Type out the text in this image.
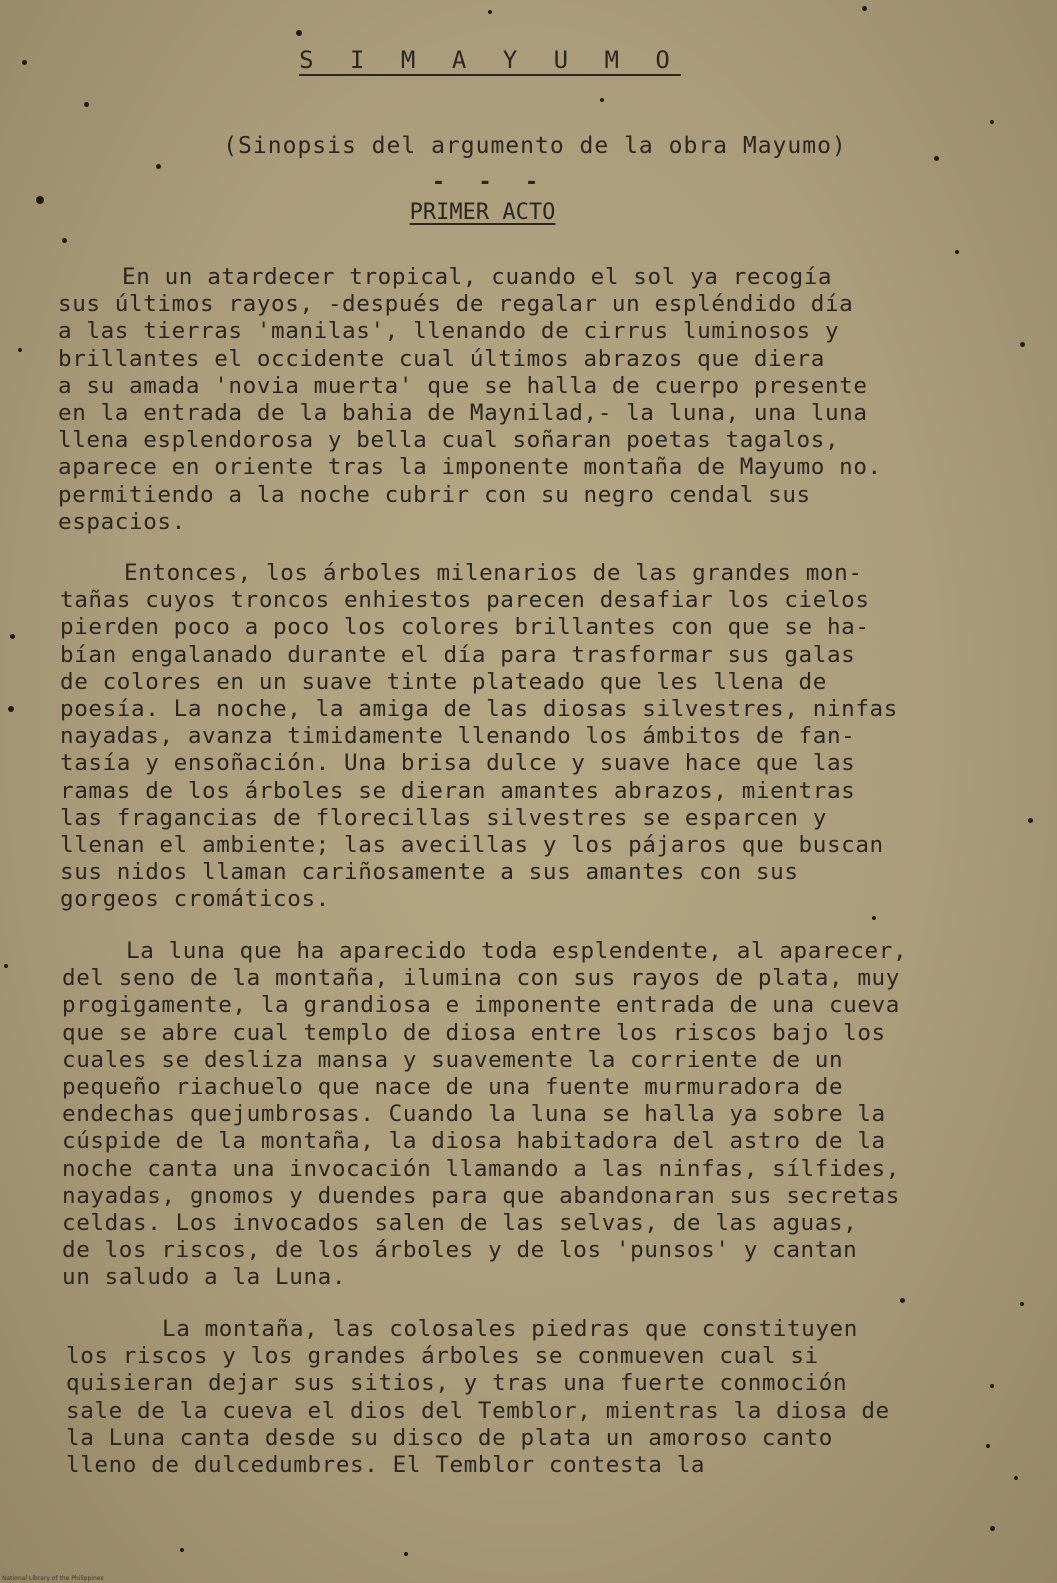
S I M A Y U M O
(Sinopsis del argumento de la obra Mayumo)
- - -
PRIMER ACTO
En un atardecer tropical, cuando el sol ya recogía
sus últimos rayos, -después de regalar un espléndido día
a las tierras 'manilas', llenando de cirrus luminosos y
brillantes el occidente cual últimos abrazos que diera
a su amada 'novia muerta' que se halla de cuerpo presente
en la entrada de la bahia de Maynilad,- la luna, una luna
llena esplendorosa y bella cual soñaran poetas tagalos,
aparece en oriente tras la imponente montaña de Mayumo no.
permitiendo a la noche cubrir con su negro cendal sus
espacios.
Entonces, los árboles milenarios de las grandes mon-
tañas cuyos troncos enhiestos parecen desafiar los cielos
pierden poco a poco los colores brillantes con que se ha-
bían engalanado durante el día para trasformar sus galas
de colores en un suave tinte plateado que les llena de
poesía. La noche, la amiga de las diosas silvestres, ninfas
nayadas, avanza timidamente llenando los ámbitos de fan-
tasía y ensoñación. Una brisa dulce y suave hace que las
ramas de los árboles se dieran amantes abrazos, mientras
las fragancias de florecillas silvestres se esparcen y
llenan el ambiente; las avecillas y los pájaros que buscan
sus nidos llaman cariñosamente a sus amantes con sus
gorgeos cromáticos.
La luna que ha aparecido toda esplendente, al aparecer,
del seno de la montaña, ilumina con sus rayos de plata, muy
progigamente, la grandiosa e imponente entrada de una cueva
que se abre cual templo de diosa entre los riscos bajo los
cuales se desliza mansa y suavemente la corriente de un
pequeño riachuelo que nace de una fuente murmuradora de
endechas quejumbrosas. Cuando la luna se halla ya sobre la
cúspide de la montaña, la diosa habitadora del astro de la
noche canta una invocación llamando a las ninfas, sílfides,
nayadas, gnomos y duendes para que abandonaran sus secretas
celdas. Los invocados salen de las selvas, de las aguas,
de los riscos, de los árboles y de los 'punsos' y cantan
un saludo a la Luna.
La montaña, las colosales piedras que constituyen
los riscos y los grandes árboles se conmueven cual si
quisieran dejar sus sitios, y tras una fuerte conmoción
sale de la cueva el dios del Temblor, mientras la diosa de
la Luna canta desde su disco de plata un amoroso canto
lleno de dulcedumbres. El Temblor contesta la
National Library of the Philippines
